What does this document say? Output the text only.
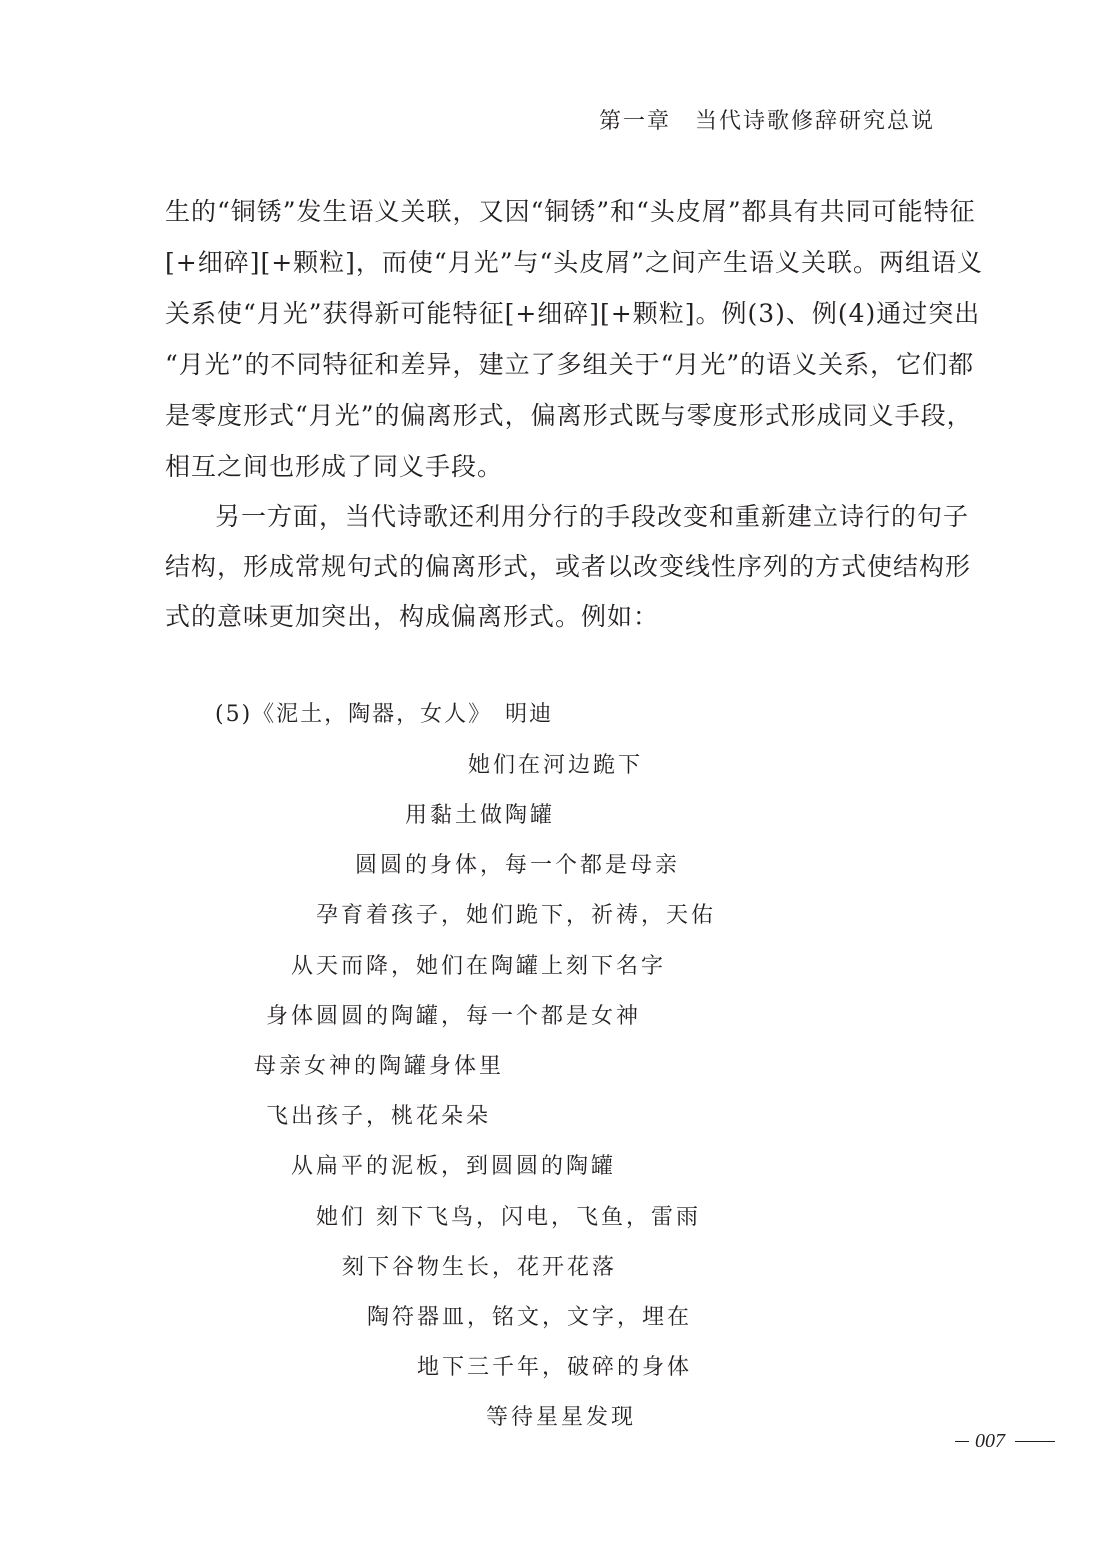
第一章　当代诗歌修辞研究总说
生的“铜锈”发生语义关联，又因“铜锈”和“头皮屑”都具有共同可能特征
[+细碎][+颗粒]，而使“月光”与“头皮屑”之间产生语义关联。两组语义
关系使“月光”获得新可能特征[+细碎][+颗粒]。例(3)、例(4)通过突出
“月光”的不同特征和差异，建立了多组关于“月光”的语义关系，它们都
是零度形式“月光”的偏离形式，偏离形式既与零度形式形成同义手段，
相互之间也形成了同义手段。
另一方面，当代诗歌还利用分行的手段改变和重新建立诗行的句子
结构，形成常规句式的偏离形式，或者以改变线性序列的方式使结构形
式的意味更加突出，构成偏离形式。例如：
(5)《泥土，陶器，女人》　明迪
她们在河边跪下
用黏土做陶罐
圆圆的身体，每一个都是母亲
孕育着孩子，她们跪下，祈祷，天佑
从天而降，她们在陶罐上刻下名字
身体圆圆的陶罐，每一个都是女神
母亲女神的陶罐身体里
飞出孩子，桃花朵朵
从扁平的泥板，到圆圆的陶罐
她们 刻下飞鸟，闪电，飞鱼，雷雨
刻下谷物生长，花开花落
陶符器皿，铭文，文字，埋在
地下三千年，破碎的身体
等待星星发现
007
